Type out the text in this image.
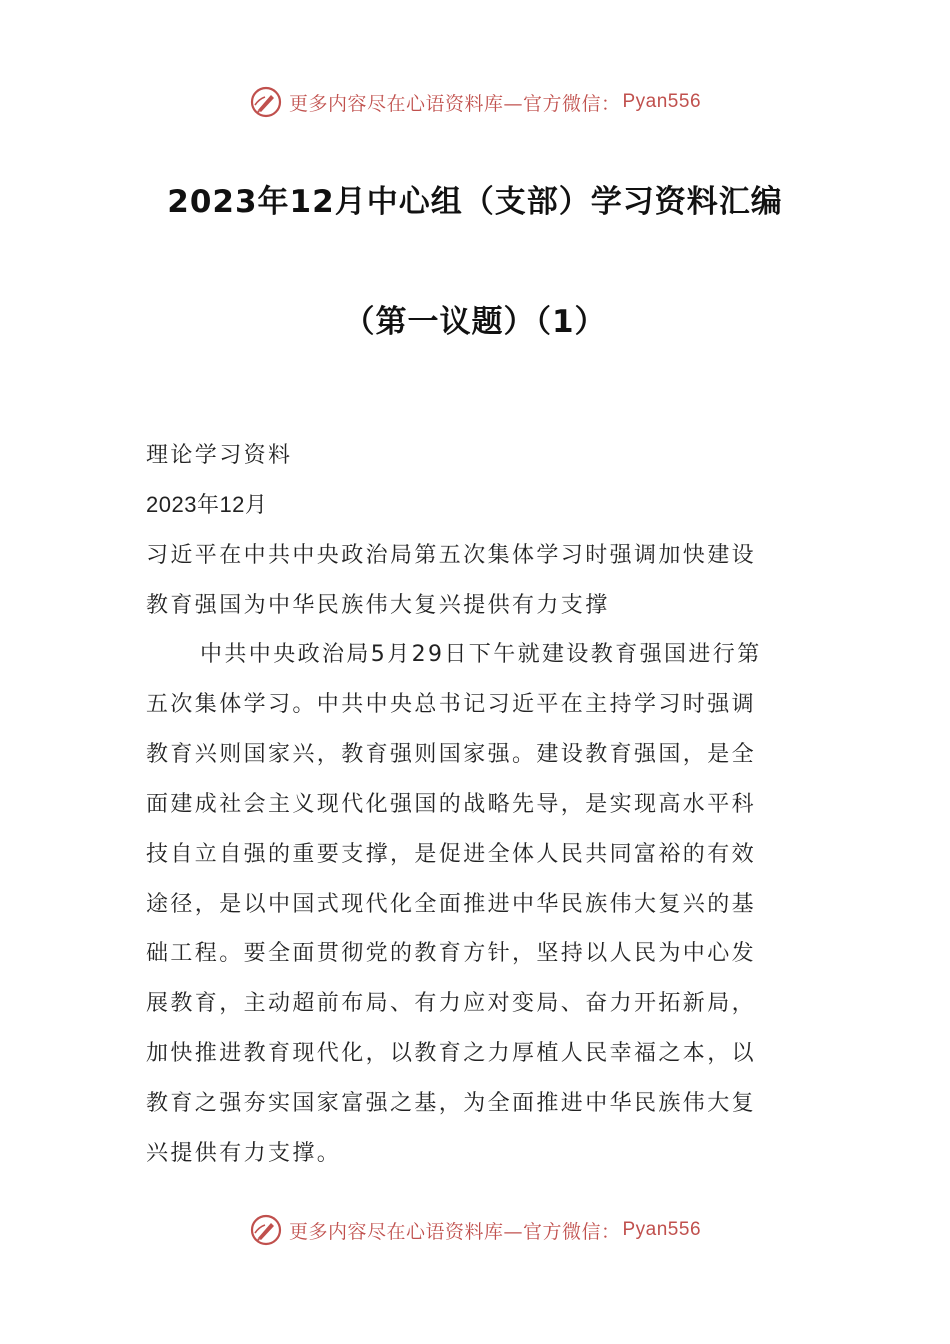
更多内容尽在心语资料库—官方微信： Pyan556
2023年12月中心组（支部）学习资料汇编
（第一议题）（1）
理论学习资料
2023年12月
习近平在中共中央政治局第五次集体学习时强调加快建设
教育强国为中华民族伟大复兴提供有力支撑
中共中央政治局5月29日下午就建设教育强国进行第
五次集体学习。中共中央总书记习近平在主持学习时强调
教育兴则国家兴，教育强则国家强。建设教育强国，是全
面建成社会主义现代化强国的战略先导，是实现高水平科
技自立自强的重要支撑，是促进全体人民共同富裕的有效
途径，是以中国式现代化全面推进中华民族伟大复兴的基
础工程。要全面贯彻党的教育方针，坚持以人民为中心发
展教育，主动超前布局、有力应对变局、奋力开拓新局，
加快推进教育现代化，以教育之力厚植人民幸福之本，以
教育之强夯实国家富强之基，为全面推进中华民族伟大复
兴提供有力支撑。
更多内容尽在心语资料库—官方微信： Pyan556
